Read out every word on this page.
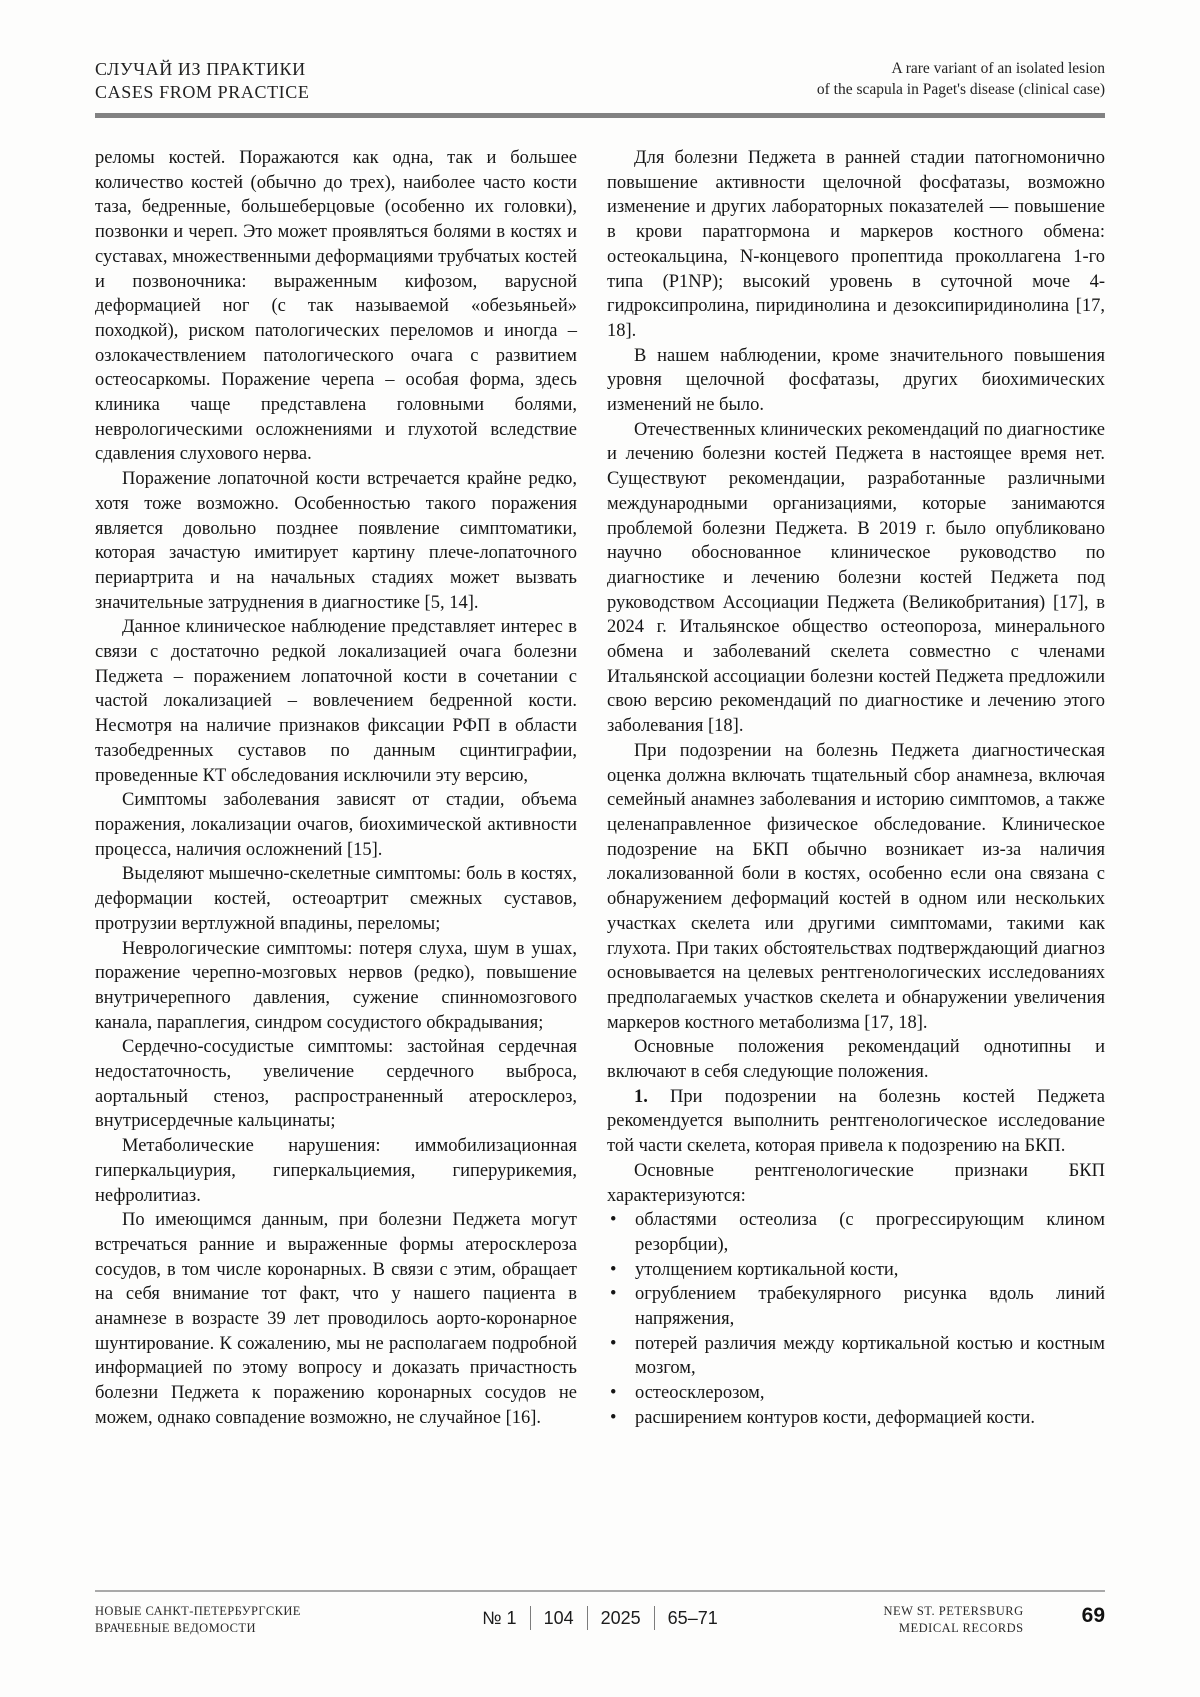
СЛУЧАЙ ИЗ ПРАКТИКИ
CASES FROM PRACTICE
A rare variant of an isolated lesion
of the scapula in Paget's disease (clinical case)
реломы костей. Поражаются как одна, так и большее количество костей (обычно до трех), наиболее часто кости таза, бедренные, большеберцовые (особенно их головки), позвонки и череп. Это может проявляться болями в костях и суставах, множественными деформациями трубчатых костей и позвоночника: выраженным кифозом, варусной деформацией ног (с так называемой «обезьяньей» походкой), риском патологических переломов и иногда – озлокачествлением патологического очага с развитием остеосаркомы. Поражение черепа – особая форма, здесь клиника чаще представлена головными болями, неврологическими осложнениями и глухотой вследствие сдавления слухового нерва.
Поражение лопаточной кости встречается крайне редко, хотя тоже возможно. Особенностью такого поражения является довольно позднее появление симптоматики, которая зачастую имитирует картину плече-лопаточного периартрита и на начальных стадиях может вызвать значительные затруднения в диагностике [5, 14].
Данное клиническое наблюдение представляет интерес в связи с достаточно редкой локализацией очага болезни Педжета – поражением лопаточной кости в сочетании с частой локализацией – вовлечением бедренной кости. Несмотря на наличие признаков фиксации РФП в области тазобедренных суставов по данным сцинтиграфии, проведенные КТ обследования исключили эту версию,
Симптомы заболевания зависят от стадии, объема поражения, локализации очагов, биохимической активности процесса, наличия осложнений [15].
Выделяют мышечно-скелетные симптомы: боль в костях, деформации костей, остеоартрит смежных суставов, протрузии вертлужной впадины, переломы;
Неврологические симптомы: потеря слуха, шум в ушах, поражение черепно-мозговых нервов (редко), повышение внутричерепного давления, сужение спинномозгового канала, параплегия, синдром сосудистого обкрадывания;
Сердечно-сосудистые симптомы: застойная сердечная недостаточность, увеличение сердечного выброса, аортальный стеноз, распространенный атеросклероз, внутрисердечные кальцинаты;
Метаболические нарушения: иммобилизационная гиперкальциурия, гиперкальциемия, гиперурикемия, нефролитиаз.
По имеющимся данным, при болезни Педжета могут встречаться ранние и выраженные формы атеросклероза сосудов, в том числе коронарных. В связи с этим, обращает на себя внимание тот факт, что у нашего пациента в анамнезе в возрасте 39 лет проводилось аорто-коронарное шунтирование. К сожалению, мы не располагаем подробной информацией по этому вопросу и доказать причастность болезни Педжета к поражению коронарных сосудов не можем, однако совпадение возможно, не случайное [16].
Для болезни Педжета в ранней стадии патогномонично повышение активности щелочной фосфатазы, возможно изменение и других лабораторных показателей — повышение в крови паратгормона и маркеров костного обмена: остеокальцина, N-концевого пропептида проколлагена 1-го типа (P1NP); высокий уровень в суточной моче 4-гидроксипролина, пиридинолина и дезоксипиридинолина [17, 18].
В нашем наблюдении, кроме значительного повышения уровня щелочной фосфатазы, других биохимических изменений не было.
Отечественных клинических рекомендаций по диагностике и лечению болезни костей Педжета в настоящее время нет. Существуют рекомендации, разработанные различными международными организациями, которые занимаются проблемой болезни Педжета. В 2019 г. было опубликовано научно обоснованное клиническое руководство по диагностике и лечению болезни костей Педжета под руководством Ассоциации Педжета (Великобритания) [17], в 2024 г. Итальянское общество остеопороза, минерального обмена и заболеваний скелета совместно с членами Итальянской ассоциации болезни костей Педжета предложили свою версию рекомендаций по диагностике и лечению этого заболевания [18].
При подозрении на болезнь Педжета диагностическая оценка должна включать тщательный сбор анамнеза, включая семейный анамнез заболевания и историю симптомов, а также целенаправленное физическое обследование. Клиническое подозрение на БКП обычно возникает из-за наличия локализованной боли в костях, особенно если она связана с обнаружением деформаций костей в одном или нескольких участках скелета или другими симптомами, такими как глухота. При таких обстоятельствах подтверждающий диагноз основывается на целевых рентгенологических исследованиях предполагаемых участков скелета и обнаружении увеличения маркеров костного метаболизма [17, 18].
Основные положения рекомендаций однотипны и включают в себя следующие положения.
1. При подозрении на болезнь костей Педжета рекомендуется выполнить рентгенологическое исследование той части скелета, которая привела к подозрению на БКП.
Основные рентгенологические признаки БКП характеризуются:
• областями остеолиза (с прогрессирующим клином резорбции),
• утолщением кортикальной кости,
• огрублением трабекулярного рисунка вдоль линий напряжения,
• потерей различия между кортикальной костью и костным мозгом,
• остеосклерозом,
• расширением контуров кости, деформацией кости.
НОВЫЕ САНКТ-ПЕТЕРБУРГСКИЕ
ВРАЧЕБНЫЕ ВЕДОМОСТИ	№ 1 104 2025 65–71	NEW ST. PETERSBURG
MEDICAL RECORDS
69
